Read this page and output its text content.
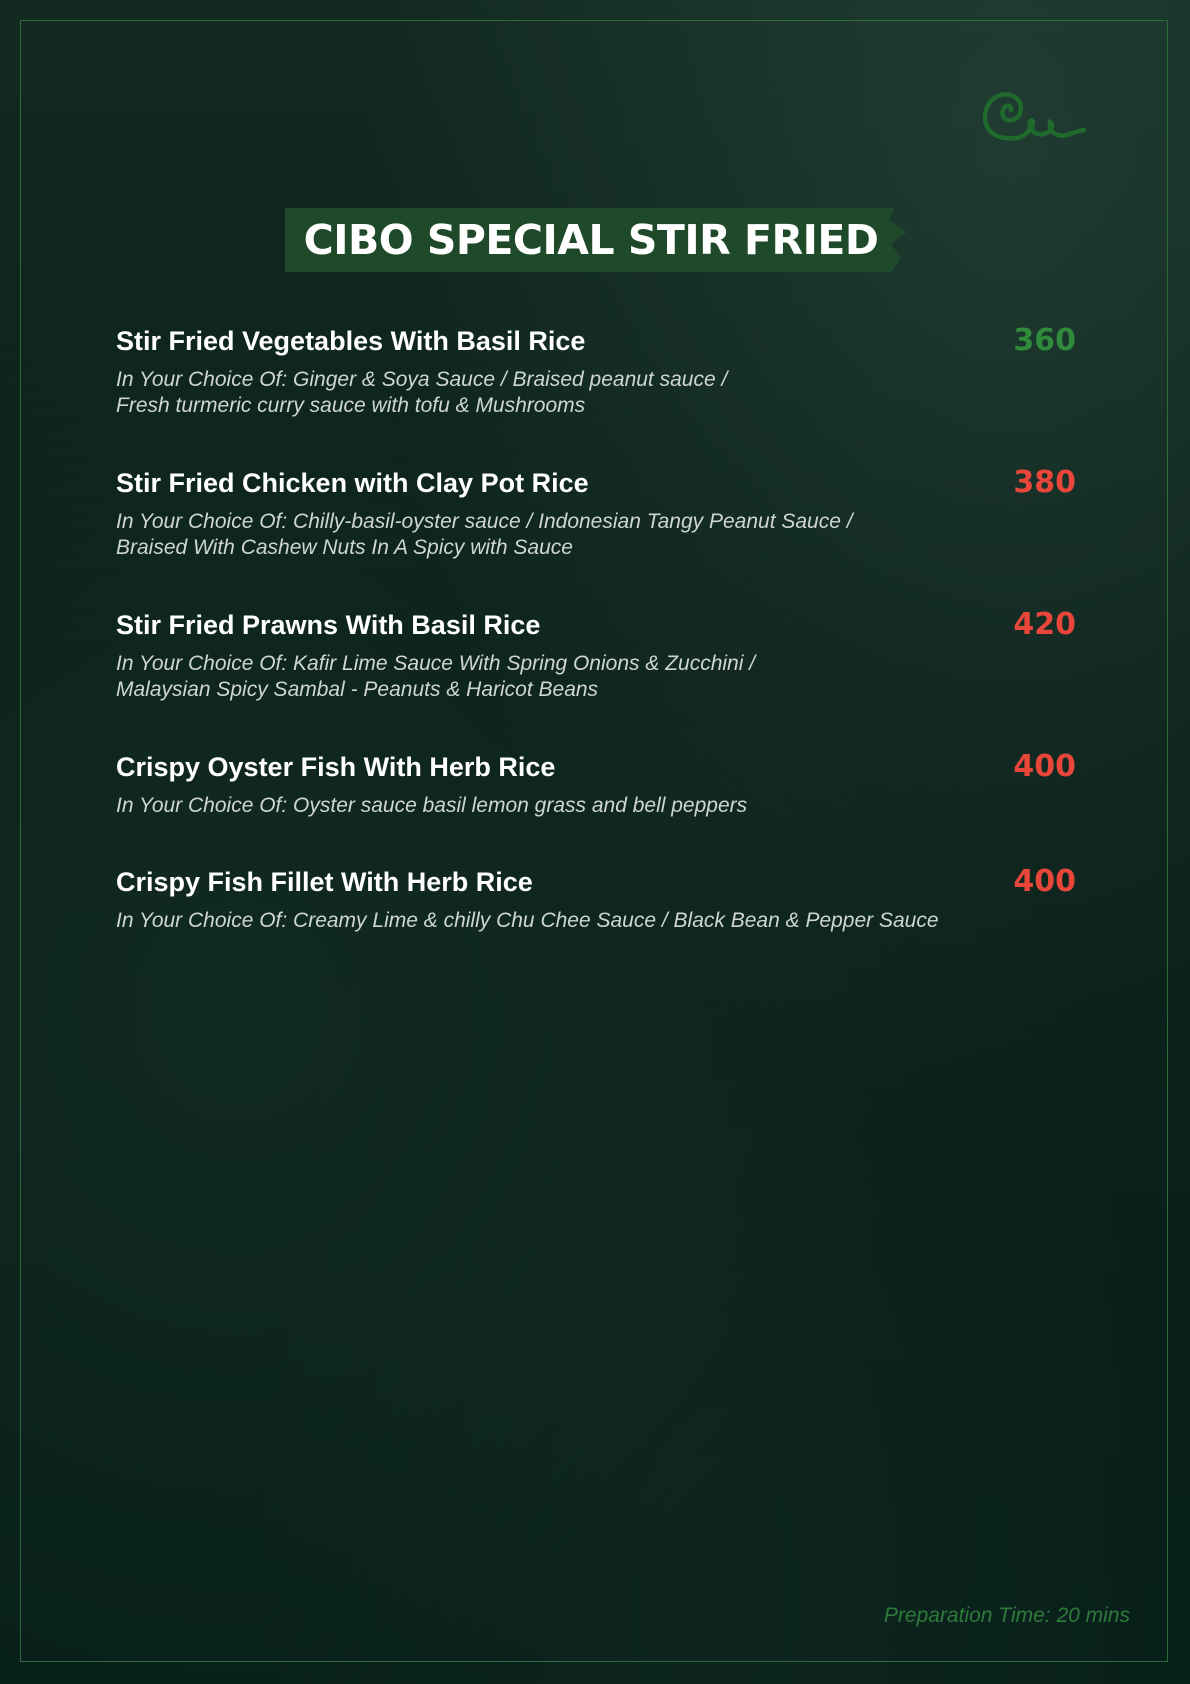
CIBO SPECIAL STIR FRIED
Stir Fried Vegetables With Basil Rice	360
In Your Choice Of: Ginger & Soya Sauce / Braised peanut sauce /
Fresh turmeric curry sauce with tofu & Mushrooms
Stir Fried Chicken with Clay Pot Rice	380
In Your Choice Of: Chilly-basil-oyster sauce / Indonesian Tangy Peanut Sauce /
Braised With Cashew Nuts In A Spicy with Sauce
Stir Fried Prawns With Basil Rice	420
In Your Choice Of: Kafir Lime Sauce With Spring Onions & Zucchini /
Malaysian Spicy Sambal - Peanuts & Haricot Beans
Crispy Oyster Fish With Herb Rice	400
In Your Choice Of: Oyster sauce basil lemon grass and bell peppers
Crispy Fish Fillet With Herb Rice	400
In Your Choice Of: Creamy Lime & chilly Chu Chee Sauce / Black Bean & Pepper Sauce
Preparation Time: 20 mins
